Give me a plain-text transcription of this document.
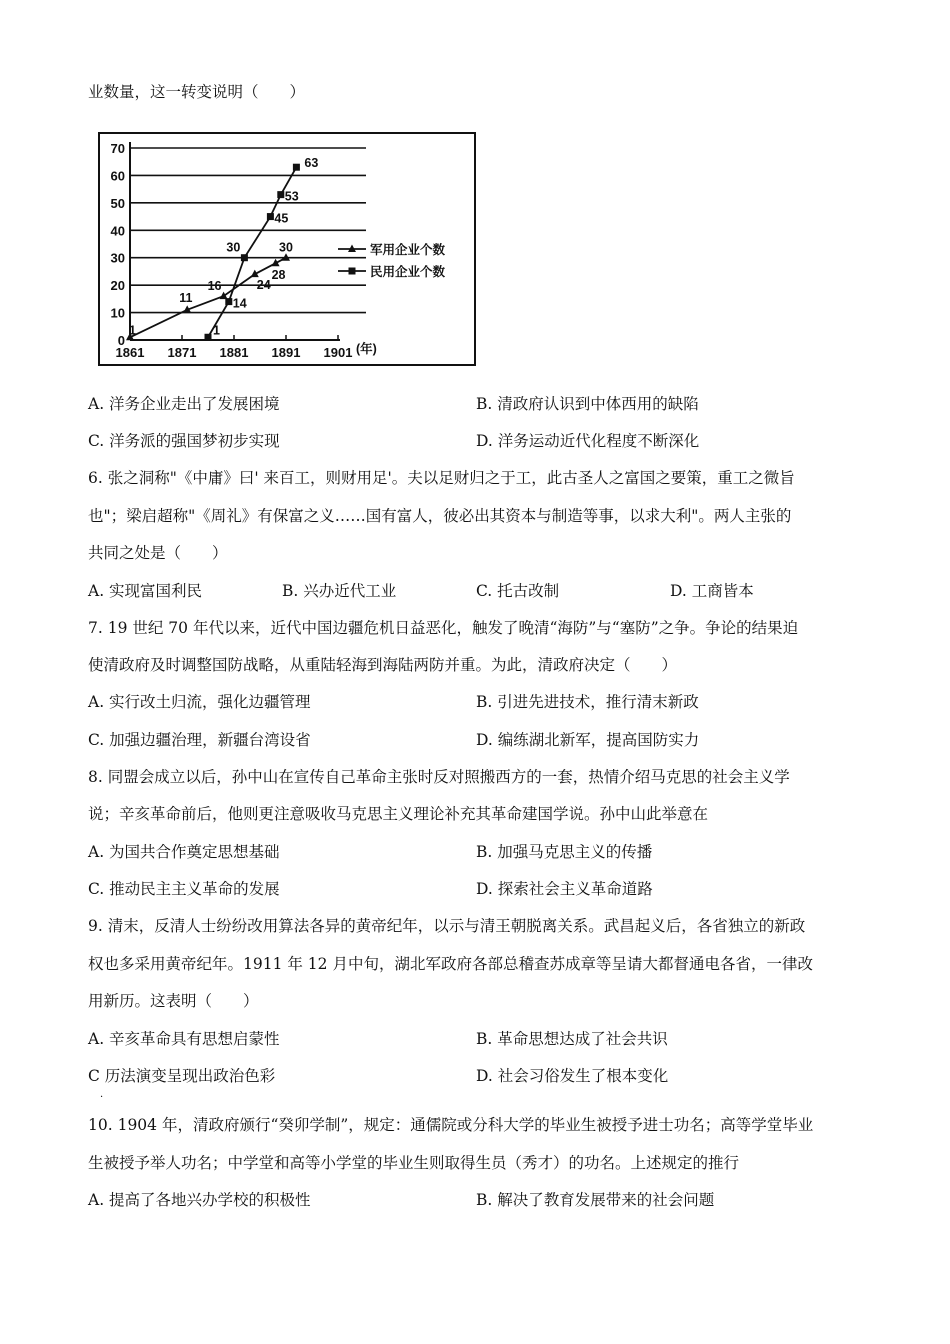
业数量，这一转变说明（　　）
0
10
20
30
40
50
60
70
1861 1871 1881 1891 1901 (年)
1
11
16	24
28
30
1
14
30
45
53
63
军用企业个数
民用企业个数
A. 洋务企业走出了发展困境	B. 清政府认识到中体西用的缺陷
C. 洋务派的强国梦初步实现	D. 洋务运动近代化程度不断深化
6. 张之洞称"《中庸》曰' 来百工，则财用足'。夫以足财归之于工，此古圣人之富国之要策，重工之微旨
也"；梁启超称"《周礼》有保富之义……国有富人，彼必出其资本与制造等事，以求大利"。两人主张的
共同之处是（　　）
A. 实现富国利民	B. 兴办近代工业	C. 托古改制	D. 工商皆本
7. 19 世纪 70 年代以来，近代中国边疆危机日益恶化，触发了晚清“海防”与“塞防”之争。争论的结果迫
使清政府及时调整国防战略，从重陆轻海到海陆两防并重。为此，清政府决定（　　）
A. 实行改土归流，强化边疆管理	B. 引进先进技术，推行清末新政
C. 加强边疆治理，新疆台湾设省	D. 编练湖北新军，提高国防实力
8. 同盟会成立以后，孙中山在宣传自己革命主张时反对照搬西方的一套，热情介绍马克思的社会主义学
说；辛亥革命前后，他则更注意吸收马克思主义理论补充其革命建国学说。孙中山此举意在
A. 为国共合作奠定思想基础	B. 加强马克思主义的传播
C. 推动民主主义革命的发展	D. 探索社会主义革命道路
9. 清末，反清人士纷纷改用算法各异的黄帝纪年，以示与清王朝脱离关系。武昌起义后，各省独立的新政
权也多采用黄帝纪年。1911 年 12 月中旬，湖北军政府各部总稽查苏成章等呈请大都督通电各省，一律改
用新历。这表明（　　）
A. 辛亥革命具有思想启蒙性	B. 革命思想达成了社会共识
C 历法演变呈现出政治色彩	D. 社会习俗发生了根本变化
·
10. 1904 年，清政府颁行“癸卯学制”，规定：通儒院或分科大学的毕业生被授予进士功名；高等学堂毕业
生被授予举人功名；中学堂和高等小学堂的毕业生则取得生员（秀才）的功名。上述规定的推行
A. 提高了各地兴办学校的积极性	B. 解决了教育发展带来的社会问题
